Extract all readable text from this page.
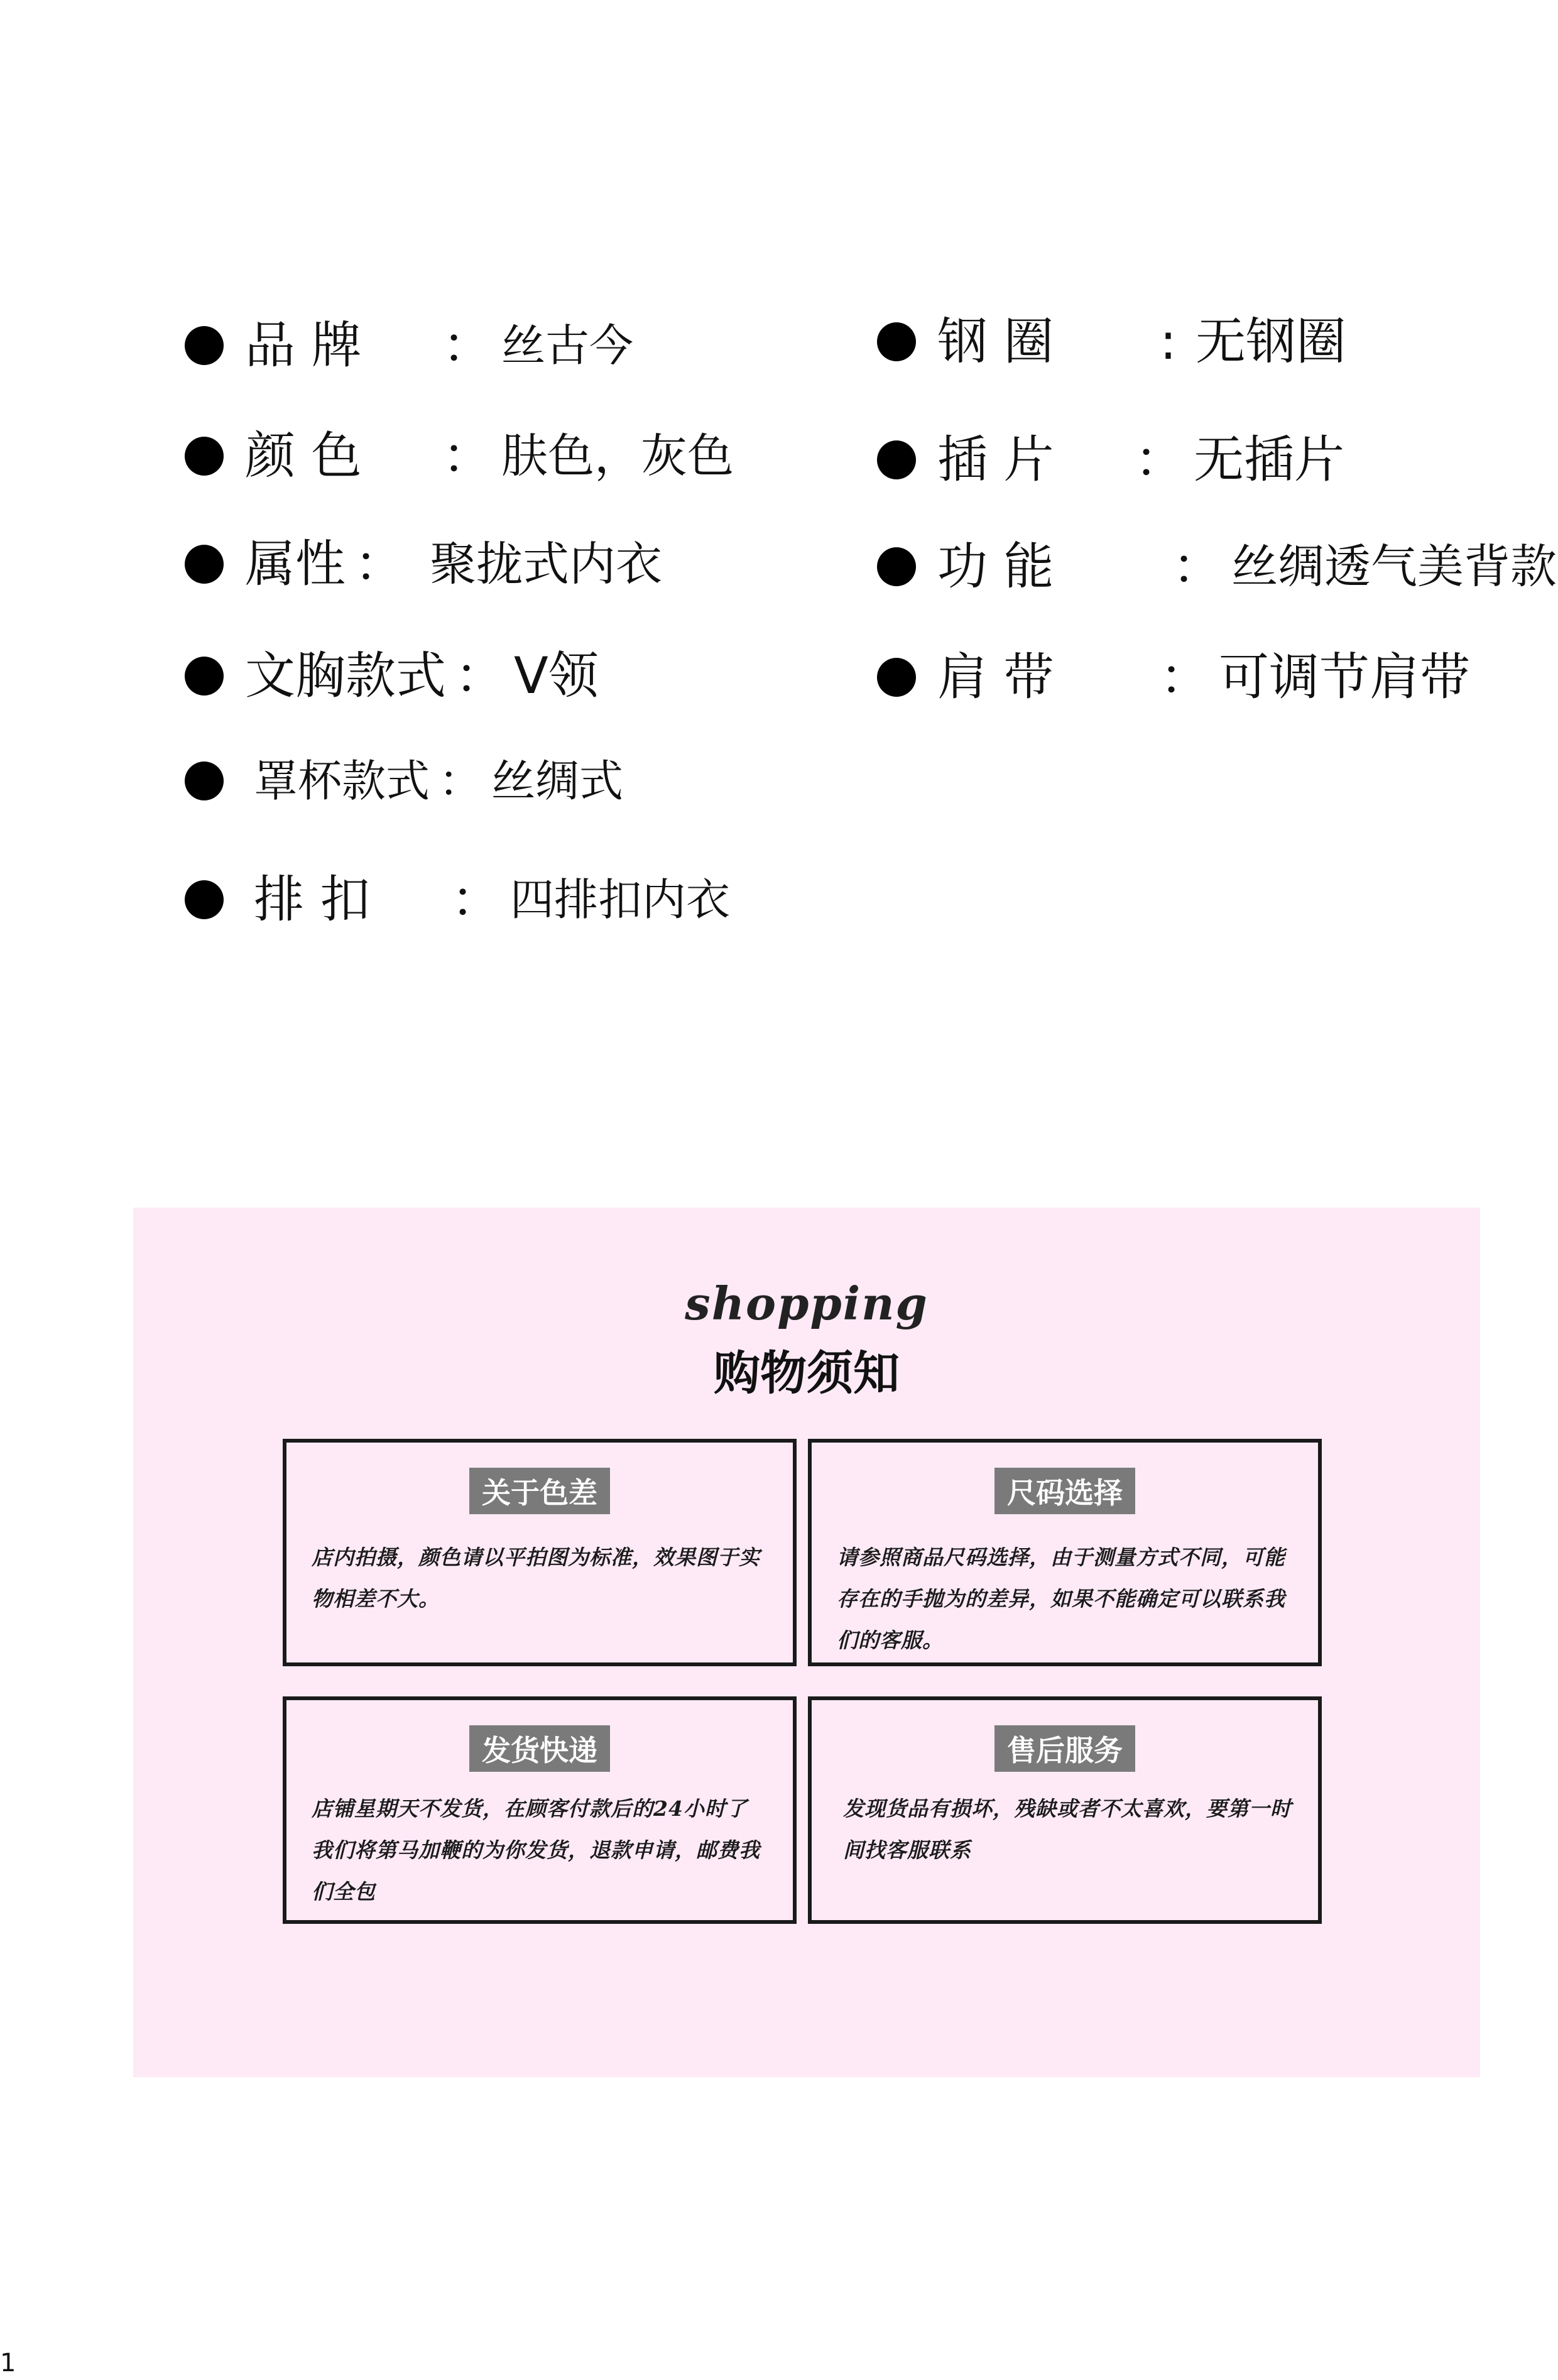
品 牌	： 丝古今
颜 色	： 肤色，灰色
属性 ： 聚拢式内衣
文胸款式 ： V领
罩杯款式 ： 丝绸式
排 扣	： 四排扣内衣
钢 圈	: 无钢圈
插 片	： 无插片
功 能	： 丝绸透气美背款
肩 带	： 可调节肩带
shopping
购物须知
关于色差
店内拍摄，颜色请以平拍图为标准，效果图于实物相差不大。
尺码选择
请参照商品尺码选择，由于测量方式不同，可能存在的手抛为的差异，如果不能确定可以联系我们的客服。
发货快递
店铺星期天不发货，在顾客付款后的24小时了我们将第马加鞭的为你发货，退款申请，邮费我们全包
售后服务
发现货品有损坏，残缺或者不太喜欢，要第一时间找客服联系
1
